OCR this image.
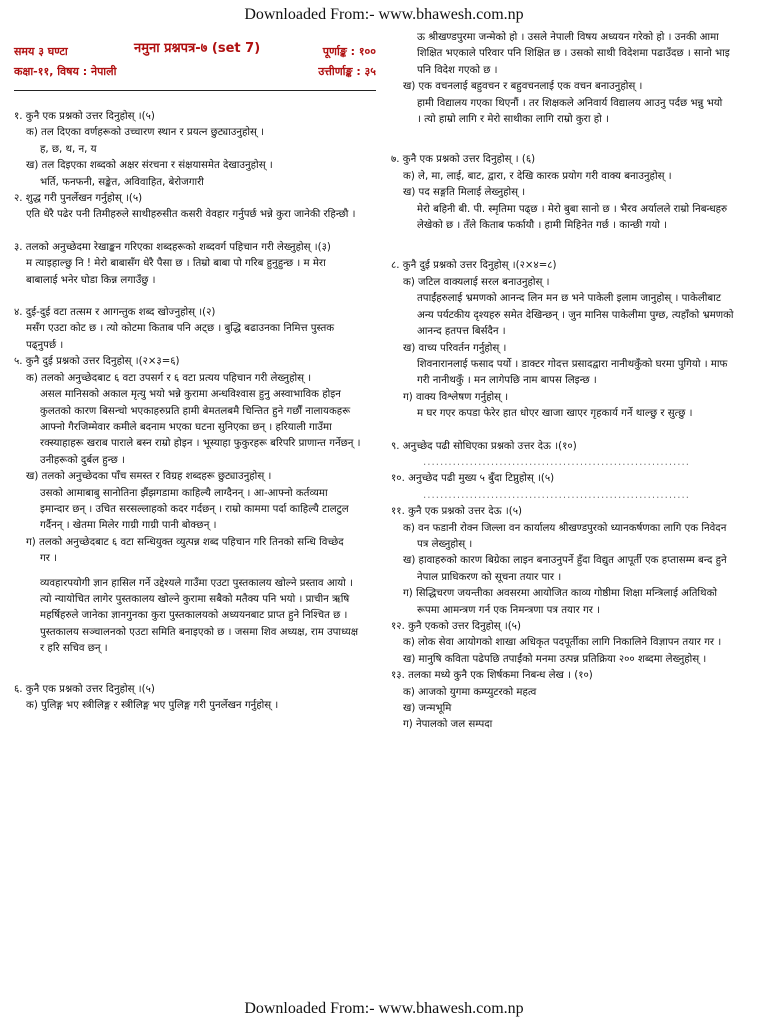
Downloaded From:- www.bhawesh.com.np
समय ३ घण्टा	नमुना प्रश्नपत्र-७ (set 7)	पूर्णाङ्क : १००
कक्षा-११, विषय : नेपाली	उत्तीर्णाङ्क : ३५
१. कुनै एक प्रश्नको उत्तर दिनुहोस् ।(५)
क) तल दिएका वर्णहरूको उच्चारण स्थान र प्रयत्न छुट्याउनुहोस् ।
ह, छ, थ, न, य
ख) तल दिइएका शब्दको अक्षर संरचना र संक्षयासमेत देखाउनुहोस् ।
भर्ति, फनफनी, सङ्केत, अविवाहित, बेरोजगारी
२. शुद्ध गरी पुनर्लेखन गर्नुहोस् ।(५)
एति धेरै पढेर पनी तिमीहरुले साथीहरुसीत कसरी वेवहार गर्नुपर्छ भन्ने कुरा जानेकी रहिन्छौ ।
३. तलको अनुच्छेदमा रेखाङ्कन गरिएका शब्दहरूको शब्दवर्ग पहिचान गरी लेख्नुहोस् ।(३)
म त्याइहाल्छु नि ! मेरो बाबासँग धेरै पैसा छ । तिम्रो बाबा पो गरिब हुनुहुन्छ । म मेरा
बाबालाई भनेर घोडा किन्न लगाउँछु ।
४. दुई-दुई वटा तत्सम र आगन्तुक शब्द खोज्नुहोस् ।(२)
मसँग एउटा कोट छ । त्यो कोटमा किताब पनि अट्छ । बुद्धि बढाउनका निमित्त पुस्तक
पढ्नुपर्छ ।
५. कुनै दुई प्रश्नको उत्तर दिनुहोस् ।(२×३=६)
क) तलको अनुच्छेदबाट ६ वटा उपसर्ग र ६ वटा प्रत्यय पहिचान गरी लेख्नुहोस् ।
असल मानिसको अकाल मृत्यु भयो भन्ने कुरामा अन्धविश्वास हुनु अस्वाभाविक होइन
कुलतको कारण बिसन्चो भएकाहरुप्रति हामी बेमतलबमै चिन्तित हुने गर्छौं नालायकहरू
आफ्नो गैरजिम्मेवार कमीले बदनाम भएका घटना सुनिएका छन् । हरियाली गाउँमा
रक्स्याहाहरू खराब पाराले बस्न राम्रो होइन । भूस्याहा फुकुरहरू बरिपरि प्राणान्त गर्नेछन् ।
उनीहरूको दुर्बल हुन्छ ।
ख) तलको अनुच्छेदका पाँच समस्त र विग्रह शब्दहरू छुट्याउनुहोस् ।
उसको आमाबाबु सानोतिना झैंझगडामा काहिल्यै लाग्दैनन् । आ-आफ्नो कर्तव्यमा
इमान्दार छन् । उचित सरसल्लाहको कदर गर्दछन् । राम्रो काममा पर्दा काहिल्यै टालटुल
गर्दैनन् । खेतमा मिलेर गाग्री गाग्री पानी बोक्छन् ।
ग) तलको अनुच्छेदबाट ६ वटा सन्धियुक्त व्युत्पन्न शब्द पहिचान गरि तिनको सन्धि विच्छेद
गर ।
व्यवहारपयोगी ज्ञान हासिल गर्ने उद्देश्यले गाउँमा एउटा पुस्तकालय खोल्ने प्रस्ताव आयो ।
त्यो न्यायोचित लागेर पुस्तकालय खोल्ने कुरामा सबैको मतैक्य पनि भयो । प्राचीन ऋषि
महर्षिहरुले जानेका ज्ञानगुनका कुरा पुस्तकालयको अध्ययनबाट प्राप्त हुने निश्चित छ ।
पुस्तकालय सञ्चालनको एउटा समिति बनाइएको छ । जसमा शिव अध्यक्ष, राम उपाध्यक्ष
र हरि सचिव छन् ।
६. कुनै एक प्रश्नको उत्तर दिनुहोस् ।(५)
क) पुलिङ्ग भए स्त्रीलिङ्ग र स्त्रीलिङ्ग भए पुलिङ्ग गरी पुनर्लेखन गर्नुहोस् ।
ऊ श्रीखण्डपुरमा जन्मेको हो । उसले नेपाली विषय अध्ययन गरेको हो । उनकी आमा
शिक्षित भएकाले परिवार पनि शिक्षित छ । उसको साथी विदेशमा पढाउँदछ । सानो भाइ
पनि विदेश गएको छ ।
ख) एक वचनलाई बहुवचन र बहुवचनलाई एक वचन बनाउनुहोस् ।
हामी विद्यालय गएका थिएनौं । तर शिक्षकले अनिवार्य विद्यालय आउनु पर्दछ भन्नु भयो
। त्यो हाम्रो लागि र मेरो साथीका लागि राम्रो कुरा हो ।
७. कुनै एक प्रश्नको उत्तर दिनुहोस् । (६)
क) ले, मा, लाई, बाट, द्वारा, र देखि कारक प्रयोग गरी वाक्य बनाउनुहोस् ।
ख) पद सङ्गति मिलाई लेख्नुहोस् ।
मेरो बहिनी बी. पी. स्मृतिमा पढ्छ । मेरो बुबा सानो छ । भैरव अर्यालले राम्रो निबन्धहरु
लेखेको छ । तँले किताब फर्कायौ । हामी मिहिनेत गर्छ । कान्छी गयो ।
८. कुनै दुई प्रश्नको उत्तर दिनुहोस् ।(२×४=८)
क) जटिल वाक्यलाई सरल बनाउनुहोस् ।
तपाईंहरुलाई भ्रमणको आनन्द लिन मन छ भने पाकेली इलाम जानुहोस् । पाकेलीबाट
अन्य पर्यटकीय दृश्यहरु समेत देखिन्छन् । जुन मानिस पाकेलीमा पुग्छ, त्यहाँको भ्रमणको
आनन्द हतपत्त बिर्सदैन ।
ख) वाच्य परिवर्तन गर्नुहोस् ।
शिवनारानलाई फसाद पर्यो । डाक्टर गोदत्त प्रसादद्वारा नानीथकुँको घरमा पुगियो । माफ
गरी नानीथकुँ । मन लागेपछि नाम बापस लिइन्छ ।
ग) वाक्य विश्लेषण गर्नुहोस् ।
म घर गएर कपडा फेरेर हात धोएर खाजा खाएर गृहकार्य गर्ने थाल्छु र सुत्छु ।
९. अनुच्छेद पढी सोधिएका प्रश्नको उत्तर देऊ ।(१०)
...............................................................
१०. अनुच्छेद पढी मुख्य ५ बुँदा टिप्नुहोस् ।(५)
...............................................................
११. कुनै एक प्रश्नको उत्तर देऊ ।(५)
क) वन फडानी रोक्न जिल्ला वन कार्यालय श्रीखण्डपुरको ध्यानकर्षणका लागि एक निवेदन
पत्र लेख्नुहोस् ।
ख) हावाहरुको कारण बिग्रेका लाइन बनाउनुपर्ने हुँदा विद्युत आपूर्ती एक हप्तासम्म बन्द हुने
नेपाल प्राधिकरण को सूचना तयार पार ।
ग) सिद्धिचरण जयन्तीका अवसरमा आयोजित काव्य गोष्ठीमा शिक्षा मन्त्रिलाई अतिथिको
रूपमा आमन्त्रण गर्न एक निमन्त्रणा पत्र तयार गर ।
१२. कुनै एकको उत्तर दिनुहोस् ।(५)
क) लोक सेवा आयोगको शाखा अधिकृत पदपूर्तीका लागि निकालिने विज्ञापन तयार गर ।
ख) मानुषि कविता पढेपछि तपाईंको मनमा उत्पन्न प्रतिक्रिया २०० शब्दमा लेख्नुहोस् ।
१३. तलका मध्ये कुनै एक शिर्षकमा निबन्ध लेख । (१०)
क) आजको युगमा कम्प्युटरको महत्व
ख) जन्मभूमि
ग) नेपालको जल सम्पदा
Downloaded From:- www.bhawesh.com.np
